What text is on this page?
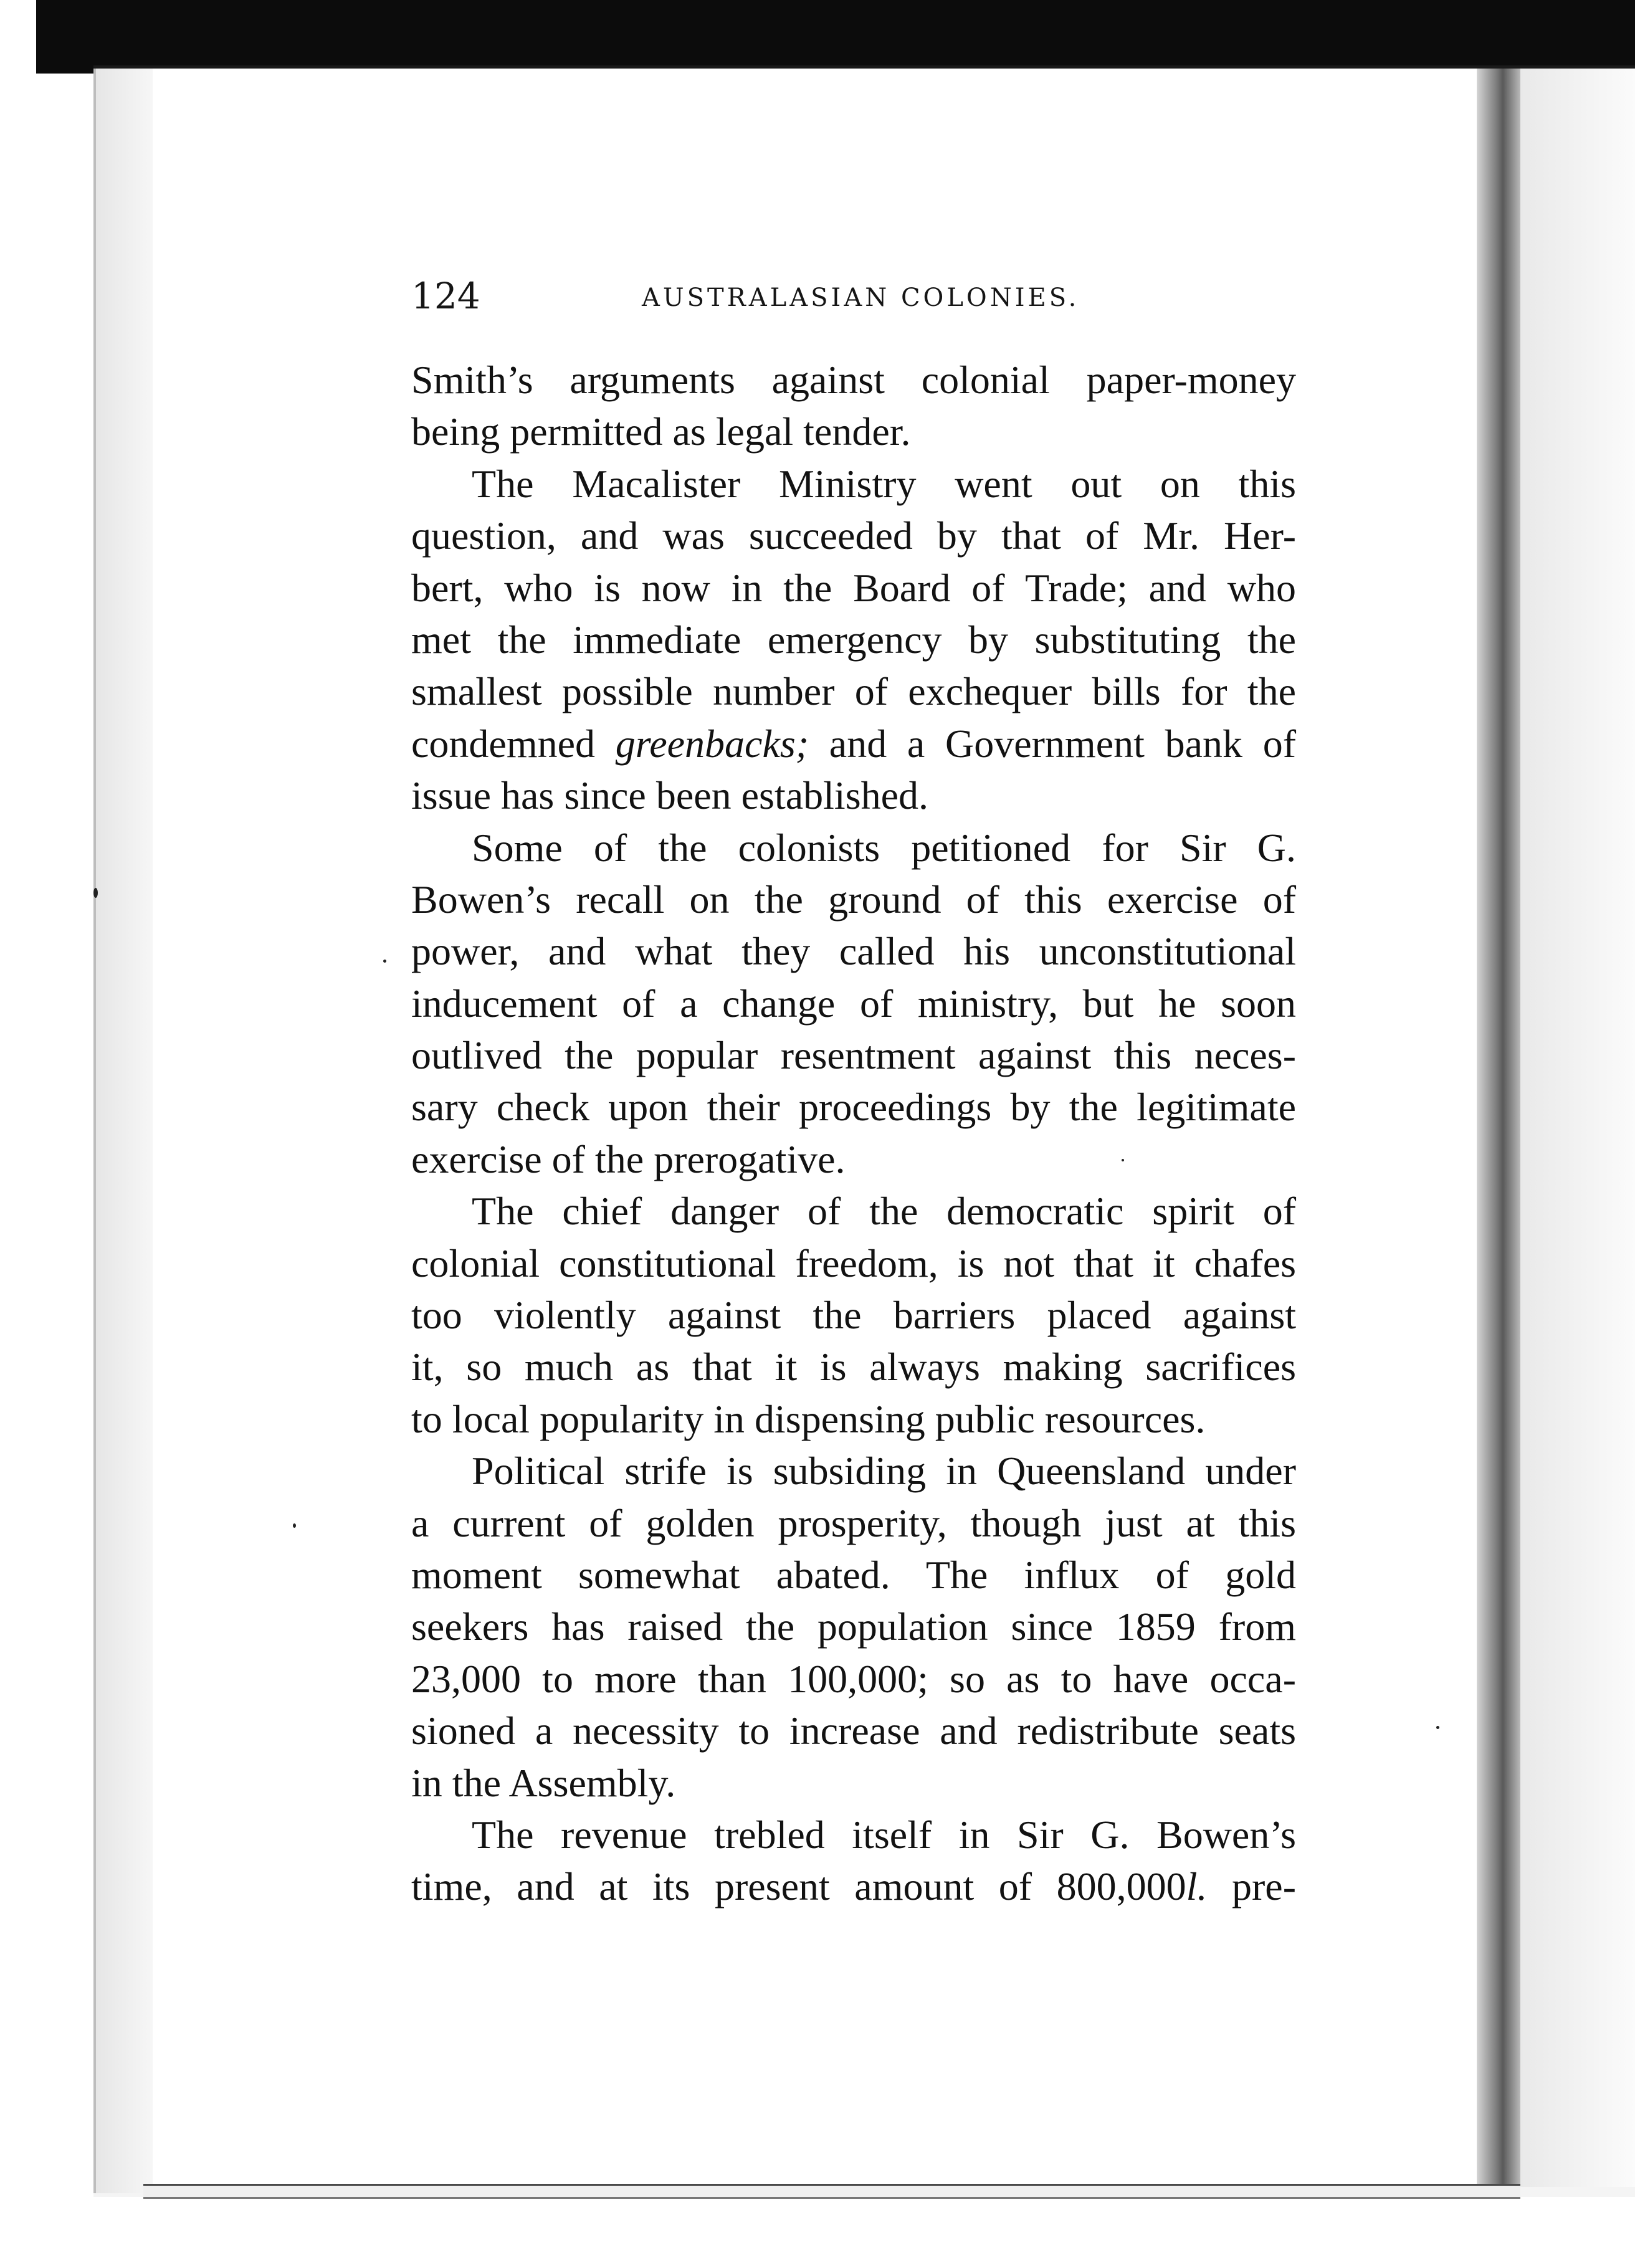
124	AUSTRALASIAN COLONIES.
Smith’s arguments against colonial paper-money
being permitted as legal tender.
The Macalister Ministry went out on this
question, and was succeeded by that of Mr. Her-
bert, who is now in the Board of Trade; and who
met the immediate emergency by substituting the
smallest possible number of exchequer bills for the
condemned greenbacks; and a Government bank of
issue has since been established.
Some of the colonists petitioned for Sir G.
Bowen’s recall on the ground of this exercise of
power, and what they called his unconstitutional
inducement of a change of ministry, but he soon
outlived the popular resentment against this neces-
sary check upon their proceedings by the legitimate
exercise of the prerogative.
The chief danger of the democratic spirit of
colonial constitutional freedom, is not that it chafes
too violently against the barriers placed against
it, so much as that it is always making sacrifices
to local popularity in dispensing public resources.
Political strife is subsiding in Queensland under
a current of golden prosperity, though just at this
moment somewhat abated. The influx of gold
seekers has raised the population since 1859 from
23,000 to more than 100,000; so as to have occa-
sioned a necessity to increase and redistribute seats
in the Assembly.
The revenue trebled itself in Sir G. Bowen’s
time, and at its present amount of 800,000l. pre-
